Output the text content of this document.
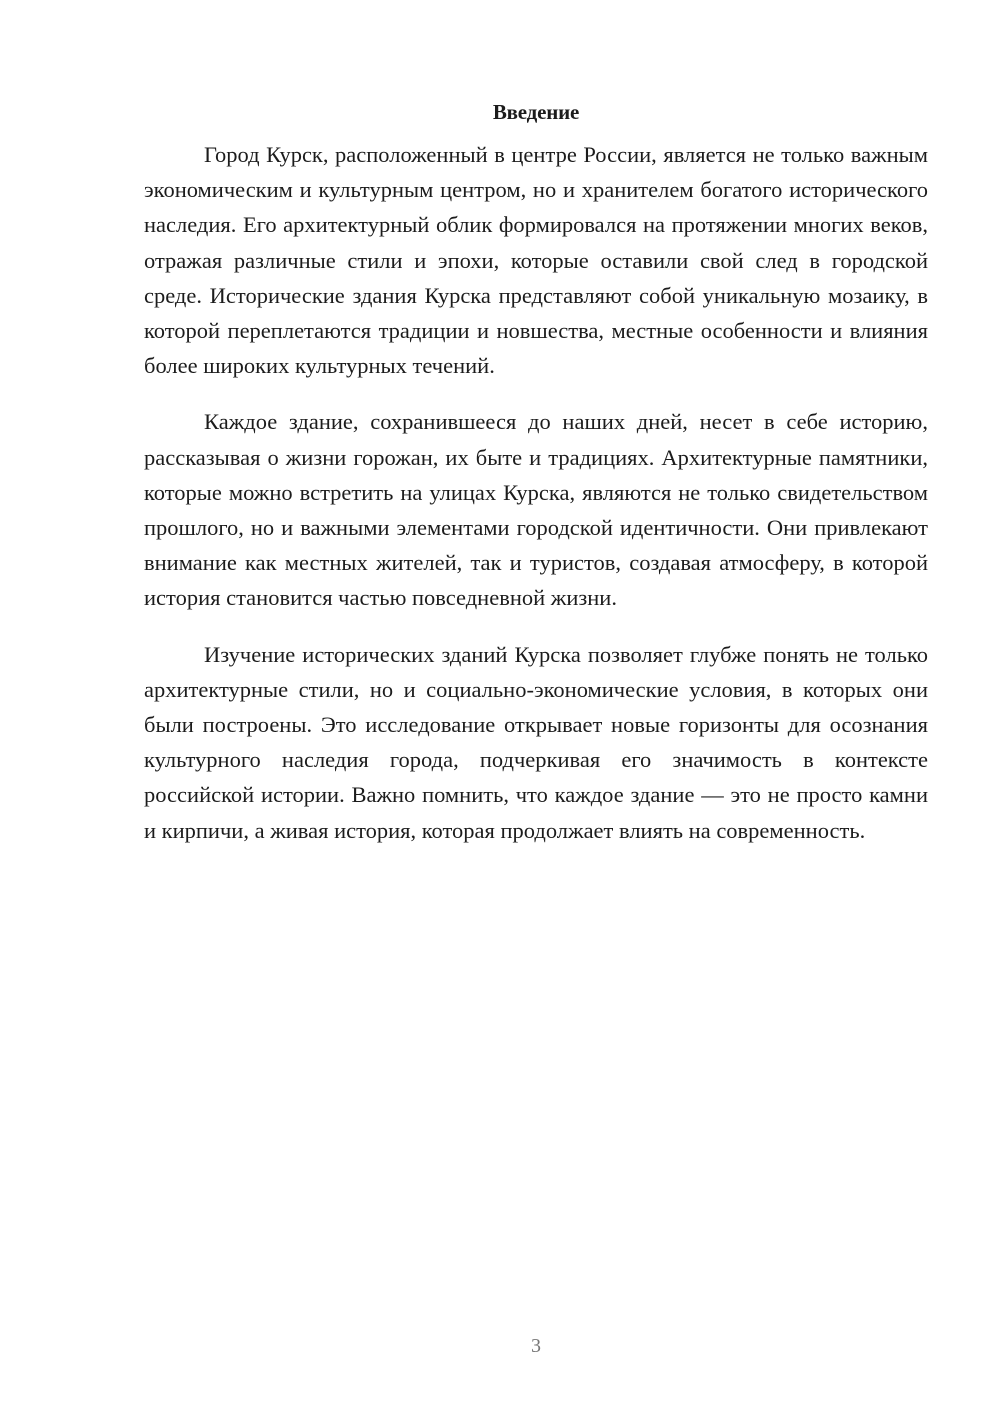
Введение

Город Курск, расположенный в центре России, является не только важным экономическим и культурным центром, но и хранителем богатого исторического наследия. Его архитектурный облик формировался на протяжении многих веков, отражая различные стили и эпохи, которые оставили свой след в городской среде. Исторические здания Курска представляют собой уникальную мозаику, в которой переплетаются традиции и новшества, местные особенности и влияния более широких культурных течений.

Каждое здание, сохранившееся до наших дней, несет в себе историю, рассказывая о жизни горожан, их быте и традициях. Архитектурные памятники, которые можно встретить на улицах Курска, являются не только свидетельством прошлого, но и важными элементами городской идентичности. Они привлекают внимание как местных жителей, так и туристов, создавая атмосферу, в которой история становится частью повседневной жизни.

Изучение исторических зданий Курска позволяет глубже понять не только архитектурные стили, но и социально-экономические условия, в которых они были построены. Это исследование открывает новые горизонты для осознания культурного наследия города, подчеркивая его значимость в контексте российской истории. Важно помнить, что каждое здание — это не просто камни и кирпичи, а живая история, которая продолжает влиять на современность.

3
